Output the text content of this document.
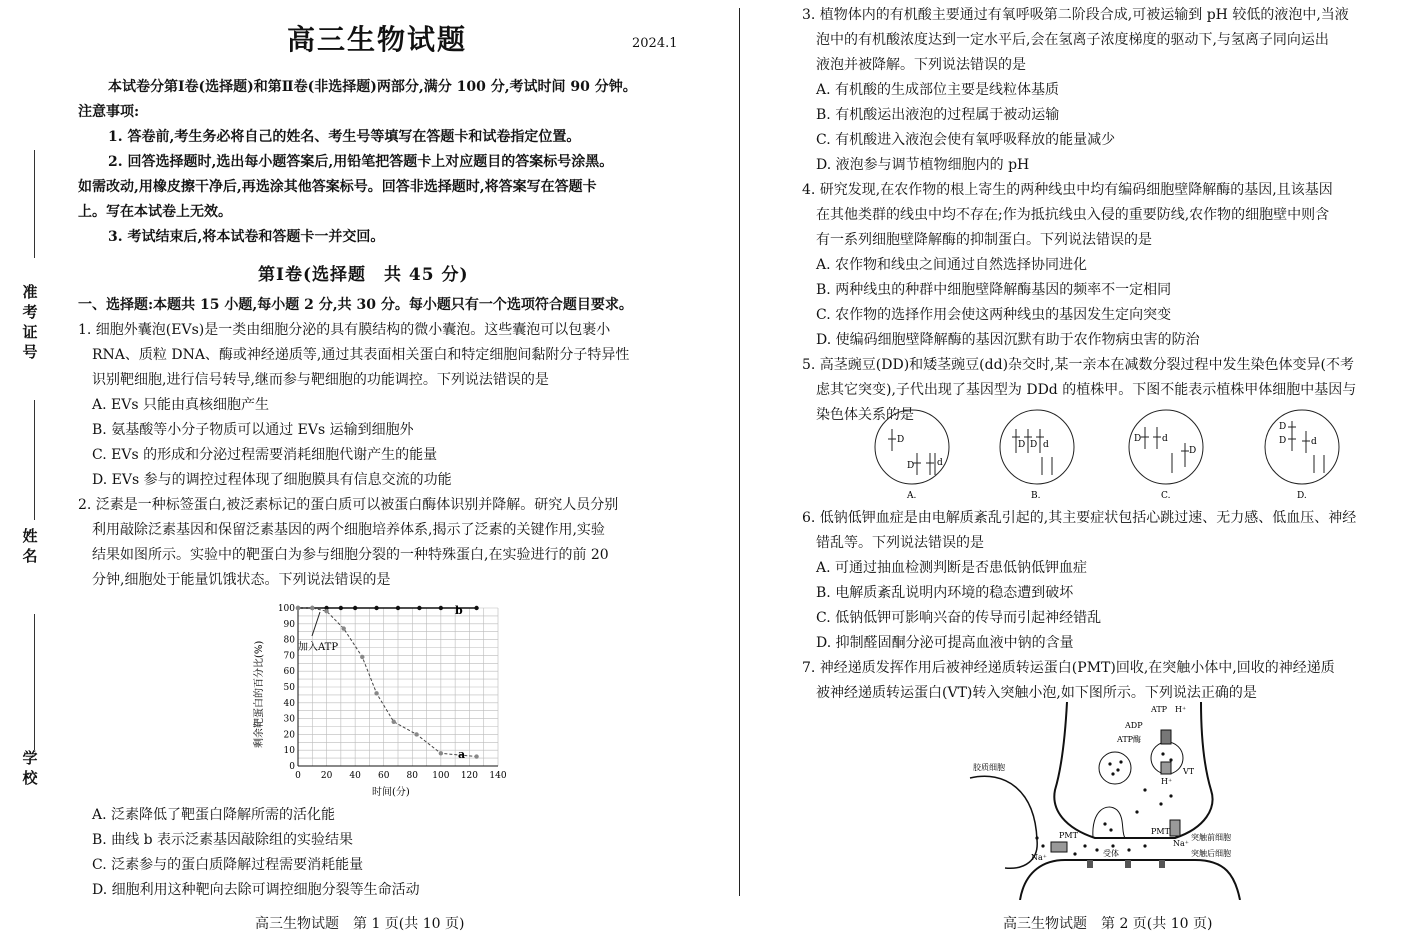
准考证号
姓名
学校
高三生物试题	2024.1

本试卷分第Ⅰ卷(选择题)和第Ⅱ卷(非选择题)两部分,满分 100 分,考试时间 90 分钟。

注意事项:

1. 答卷前,考生务必将自己的姓名、考生号等填写在答题卡和试卷指定位置。

2. 回答选择题时,选出每小题答案后,用铅笔把答题卡上对应题目的答案标号涂黑。

如需改动,用橡皮擦干净后,再选涂其他答案标号。回答非选择题时,将答案写在答题卡

上。写在本试卷上无效。

3. 考试结束后,将本试卷和答题卡一并交回。

第Ⅰ卷(选择题　共 45 分)

一、选择题:本题共 15 小题,每小题 2 分,共 30 分。每小题只有一个选项符合题目要求。

1. 细胞外囊泡(EVs)是一类由细胞分泌的具有膜结构的微小囊泡。这些囊泡可以包裹小

RNA、质粒 DNA、酶或神经递质等,通过其表面相关蛋白和特定细胞间黏附分子特异性

识别靶细胞,进行信号转导,继而参与靶细胞的功能调控。下列说法错误的是

A. EVs 只能由真核细胞产生

B. 氨基酸等小分子物质可以通过 EVs 运输到细胞外

C. EVs 的形成和分泌过程需要消耗细胞代谢产生的能量

D. EVs 参与的调控过程体现了细胞膜具有信息交流的功能

2. 泛素是一种标签蛋白,被泛素标记的蛋白质可以被蛋白酶体识别并降解。研究人员分别

利用敲除泛素基因和保留泛素基因的两个细胞培养体系,揭示了泛素的关键作用,实验

结果如图所示。实验中的靶蛋白为参与细胞分裂的一种特殊蛋白,在实验进行的前 20

分钟,细胞处于能量饥饿状态。下列说法错误的是

0 20 40 60 80 100 120 140
0
10
20
30
40
50
60
70
80
90
100
剩余靶蛋白的百分比(%)
时间(分)
加入ATP
b
a

A. 泛素降低了靶蛋白降解所需的活化能

B. 曲线 b 表示泛素基因敲除组的实验结果

C. 泛素参与的蛋白质降解过程需要消耗能量

D. 细胞利用这种靶向去除可调控细胞分裂等生命活动

高三生物试题　第 1 页(共 10 页)

3. 植物体内的有机酸主要通过有氧呼吸第二阶段合成,可被运输到 pH 较低的液泡中,当液

泡中的有机酸浓度达到一定水平后,会在氢离子浓度梯度的驱动下,与氢离子同向运出

液泡并被降解。下列说法错误的是

A. 有机酸的生成部位主要是线粒体基质

B. 有机酸运出液泡的过程属于被动运输

C. 有机酸进入液泡会使有氧呼吸释放的能量减少

D. 液泡参与调节植物细胞内的 pH

4. 研究发现,在农作物的根上寄生的两种线虫中均有编码细胞壁降解酶的基因,且该基因

在其他类群的线虫中均不存在;作为抵抗线虫入侵的重要防线,农作物的细胞壁中则含

有一系列细胞壁降解酶的抑制蛋白。下列说法错误的是

A. 农作物和线虫之间通过自然选择协同进化

B. 两种线虫的种群中细胞壁降解酶基因的频率不一定相同

C. 农作物的选择作用会使这两种线虫的基因发生定向突变

D. 使编码细胞壁降解酶的基因沉默有助于农作物病虫害的防治

5. 高茎豌豆(DD)和矮茎豌豆(dd)杂交时,某一亲本在减数分裂过程中发生染色体变异(不考

虑其它突变),子代出现了基因型为 DDd 的植株甲。下图不能表示植株甲体细胞中基因与

染色体关系的是

D
D	d
A.
D D d
B.
D d
D
C.
D
D	d
D.

6. 低钠低钾血症是由电解质紊乱引起的,其主要症状包括心跳过速、无力感、低血压、神经

错乱等。下列说法错误的是

A. 可通过抽血检测判断是否患低钠低钾血症

B. 电解质紊乱说明内环境的稳态遭到破坏

C. 低钠低钾可影响兴奋的传导而引起神经错乱

D. 抑制醛固酮分泌可提高血液中钠的含量

7. 神经递质发挥作用后被神经递质转运蛋白(PMT)回收,在突触小体中,回收的神经递质

被神经递质转运蛋白(VT)转入突触小泡,如下图所示。下列说法正确的是

ATP H⁺
ADP
ATP酶
VT
H⁺
胶质细胞
PMT	PMT
Na⁺
Na⁺
受体
突触前细胞
突触后细胞
高三生物试题　第 2 页(共 10 页)
